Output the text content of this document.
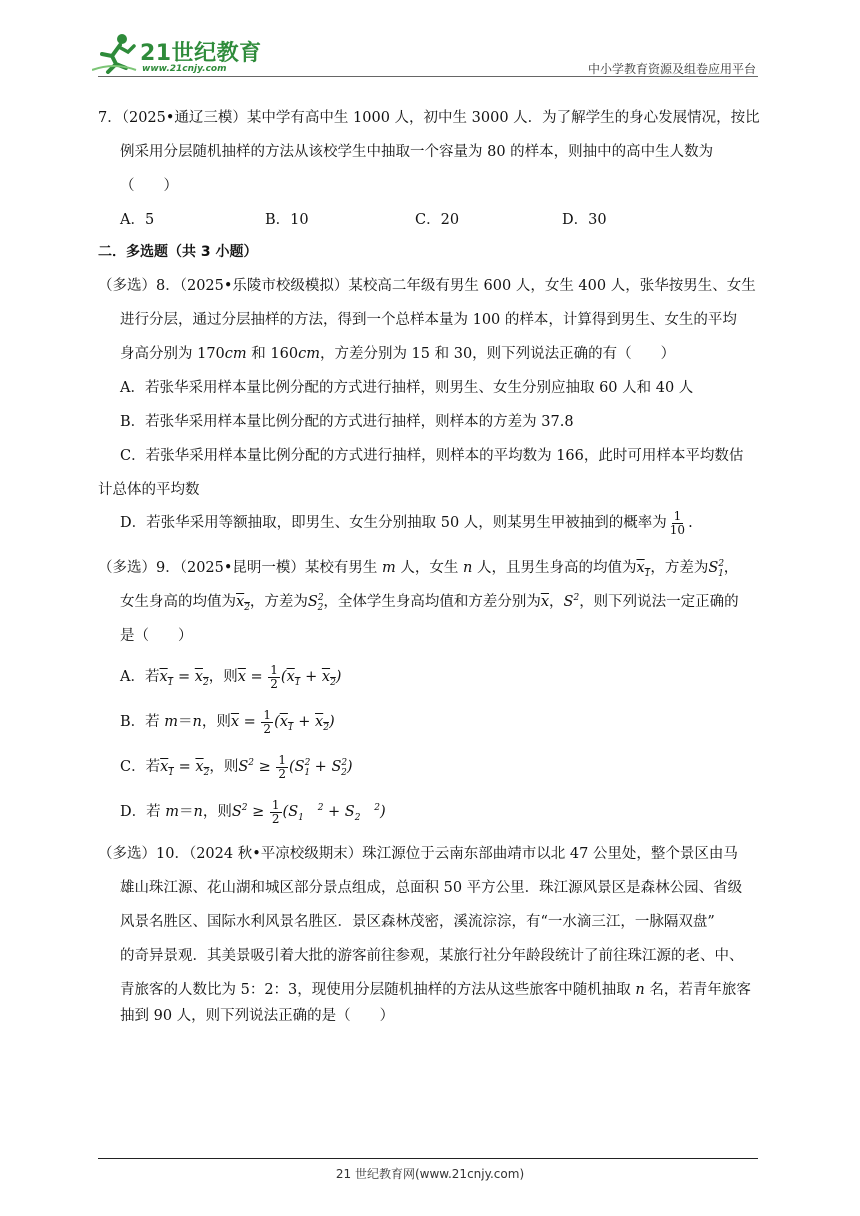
21世纪教育
www.21cnjy.com	中小学教育资源及组卷应用平台
7．（2025•通辽三模）某中学有高中生 1000 人，初中生 3000 人．为了解学生的身心发展情况，按比
例采用分层随机抽样的方法从该校学生中抽取一个容量为 80 的样本，则抽中的高中生人数为
（　　）
A．5	B．10	C．20	D．30
二．多选题（共 3 小题）
（多选）8．（2025•乐陵市校级模拟）某校高二年级有男生 600 人，女生 400 人，张华按男生、女生
进行分层，通过分层抽样的方法，得到一个总样本量为 100 的样本，计算得到男生、女生的平均
身高分别为 170cm 和 160cm，方差分别为 15 和 30，则下列说法正确的有（　　）
A．若张华采用样本量比例分配的方式进行抽样，则男生、女生分别应抽取 60 人和 40 人
B．若张华采用样本量比例分配的方式进行抽样，则样本的方差为 37.8
C．若张华采用样本量比例分配的方式进行抽样，则样本的平均数为 166，此时可用样本平均数估
计总体的平均数
D．若张华采用等额抽取，即男生、女生分别抽取 50 人，则某男生甲被抽到的概率为 $\frac{1}{10}$ .
（多选）9．（2025•昆明一模）某校有男生 m 人，女生 n 人，且男生身高的均值为$x_1$，方差为$S^2_1$，
女生身高的均值为$x_2$，方差为$S^2_2$，全体学生身高均值和方差分别为$\overline{x}$，$S^2$，则下列说法一定正确的
是（　　）
A．若$x_1 = x_2$，则$\overline{x} = \frac{1}{2} (x_1 + x_2)$
B．若 m＝n，则$\overline{x} = \frac{1}{2} (x_1 + x_2)$
C．若$x_1 = x_2$，则$S^2 \ge \frac{1}{2} (S^2_1 + S^2_2)$
D．若 m＝n，则$S^2 \ge \frac{1}{2} (S_1$   $^2 + S_2$   $^2$)
（多选）10．（2024 秋•平凉校级期末）珠江源位于云南东部曲靖市以北 47 公里处，整个景区由马
雄山珠江源、花山湖和城区部分景点组成，总面积 50 平方公里．珠江源风景区是森林公园、省级
风景名胜区、国际水利风景名胜区．景区森林茂密，溪流淙淙，有“一水滴三江，一脉隔双盘”
的奇异景观．其美景吸引着大批的游客前往参观，某旅行社分年龄段统计了前往珠江源的老、中、
青旅客的人数比为 5：2：3，现使用分层随机抽样的方法从这些旅客中随机抽取 n 名，若青年旅客
抽到 90 人，则下列说法正确的是（　　）
21 世纪教育网(www.21cnjy.com)
